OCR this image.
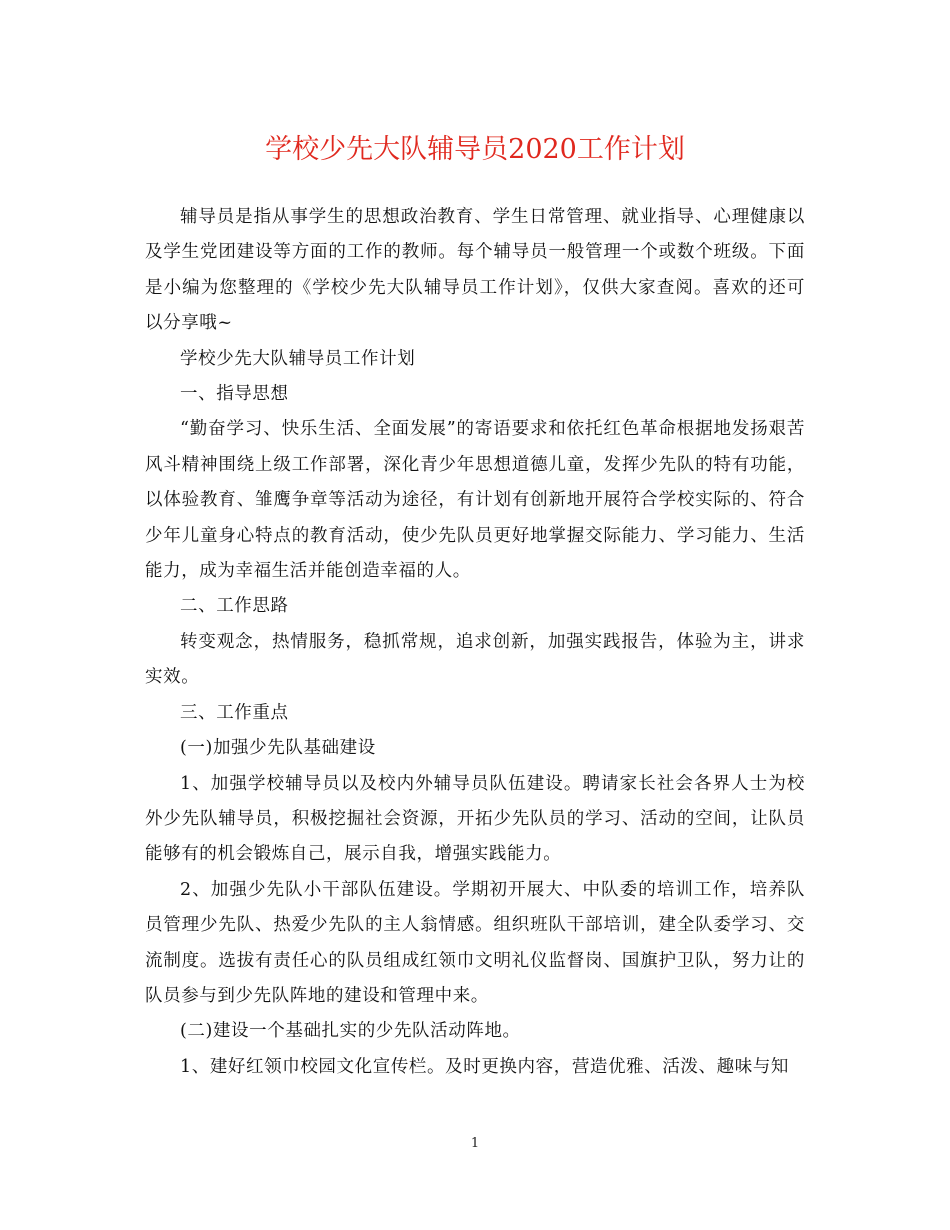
学校少先大队辅导员2020工作计划

辅导员是指从事学生的思想政治教育、学生日常管理、就业指导、心理健康以及学生党团建设等方面的工作的教师。每个辅导员一般管理一个或数个班级。下面是小编为您整理的《学校少先大队辅导员工作计划》，仅供大家查阅。喜欢的还可以分享哦~

学校少先大队辅导员工作计划

一、指导思想

“勤奋学习、快乐生活、全面发展”的寄语要求和依托红色革命根据地发扬艰苦风斗精神围绕上级工作部署，深化青少年思想道德儿童，发挥少先队的特有功能，以体验教育、雏鹰争章等活动为途径，有计划有创新地开展符合学校实际的、符合少年儿童身心特点的教育活动，使少先队员更好地掌握交际能力、学习能力、生活能力，成为幸福生活并能创造幸福的人。

二、工作思路

转变观念，热情服务，稳抓常规，追求创新，加强实践报告，体验为主，讲求实效。

三、工作重点

(一)加强少先队基础建设

1、加强学校辅导员以及校内外辅导员队伍建设。聘请家长社会各界人士为校外少先队辅导员，积极挖掘社会资源，开拓少先队员的学习、活动的空间，让队员能够有的机会锻炼自己，展示自我，增强实践能力。

2、加强少先队小干部队伍建设。学期初开展大、中队委的培训工作，培养队员管理少先队、热爱少先队的主人翁情感。组织班队干部培训，建全队委学习、交流制度。选拔有责任心的队员组成红领巾文明礼仪监督岗、国旗护卫队，努力让的队员参与到少先队阵地的建设和管理中来。

(二)建设一个基础扎实的少先队活动阵地。

1、建好红领巾校园文化宣传栏。及时更换内容，营造优雅、活泼、趣味与知

1
